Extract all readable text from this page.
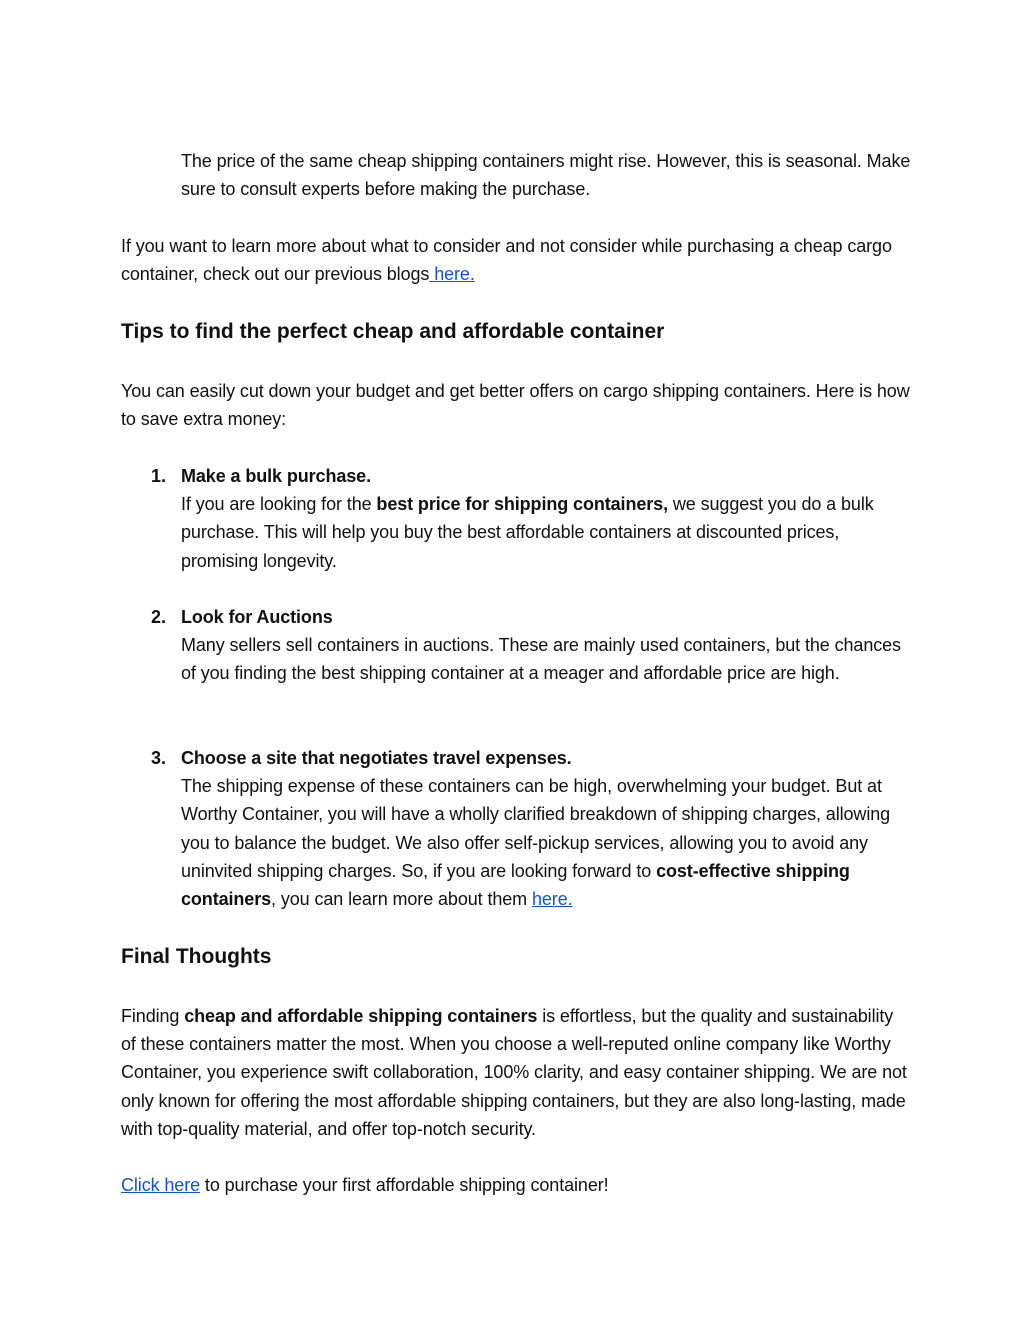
The price of the same cheap shipping containers might rise. However, this is seasonal. Make sure to consult experts before making the purchase.

If you want to learn more about what to consider and not consider while purchasing a cheap cargo container, check out our previous blogs here.

Tips to find the perfect cheap and affordable container

You can easily cut down your budget and get better offers on cargo shipping containers. Here is how to save extra money:

1. Make a bulk purchase.
If you are looking for the best price for shipping containers, we suggest you do a bulk purchase. This will help you buy the best affordable containers at discounted prices, promising longevity.
2. Look for Auctions
Many sellers sell containers in auctions. These are mainly used containers, but the chances of you finding the best shipping container at a meager and affordable price are high.
3. Choose a site that negotiates travel expenses.
The shipping expense of these containers can be high, overwhelming your budget. But at Worthy Container, you will have a wholly clarified breakdown of shipping charges, allowing you to balance the budget. We also offer self-pickup services, allowing you to avoid any uninvited shipping charges. So, if you are looking forward to cost-effective shipping containers, you can learn more about them here.
Final Thoughts

Finding cheap and affordable shipping containers is effortless, but the quality and sustainability of these containers matter the most. When you choose a well-reputed online company like Worthy Container, you experience swift collaboration, 100% clarity, and easy container shipping. We are not only known for offering the most affordable shipping containers, but they are also long-lasting, made with top-quality material, and offer top-notch security.

Click here to purchase your first affordable shipping container!
